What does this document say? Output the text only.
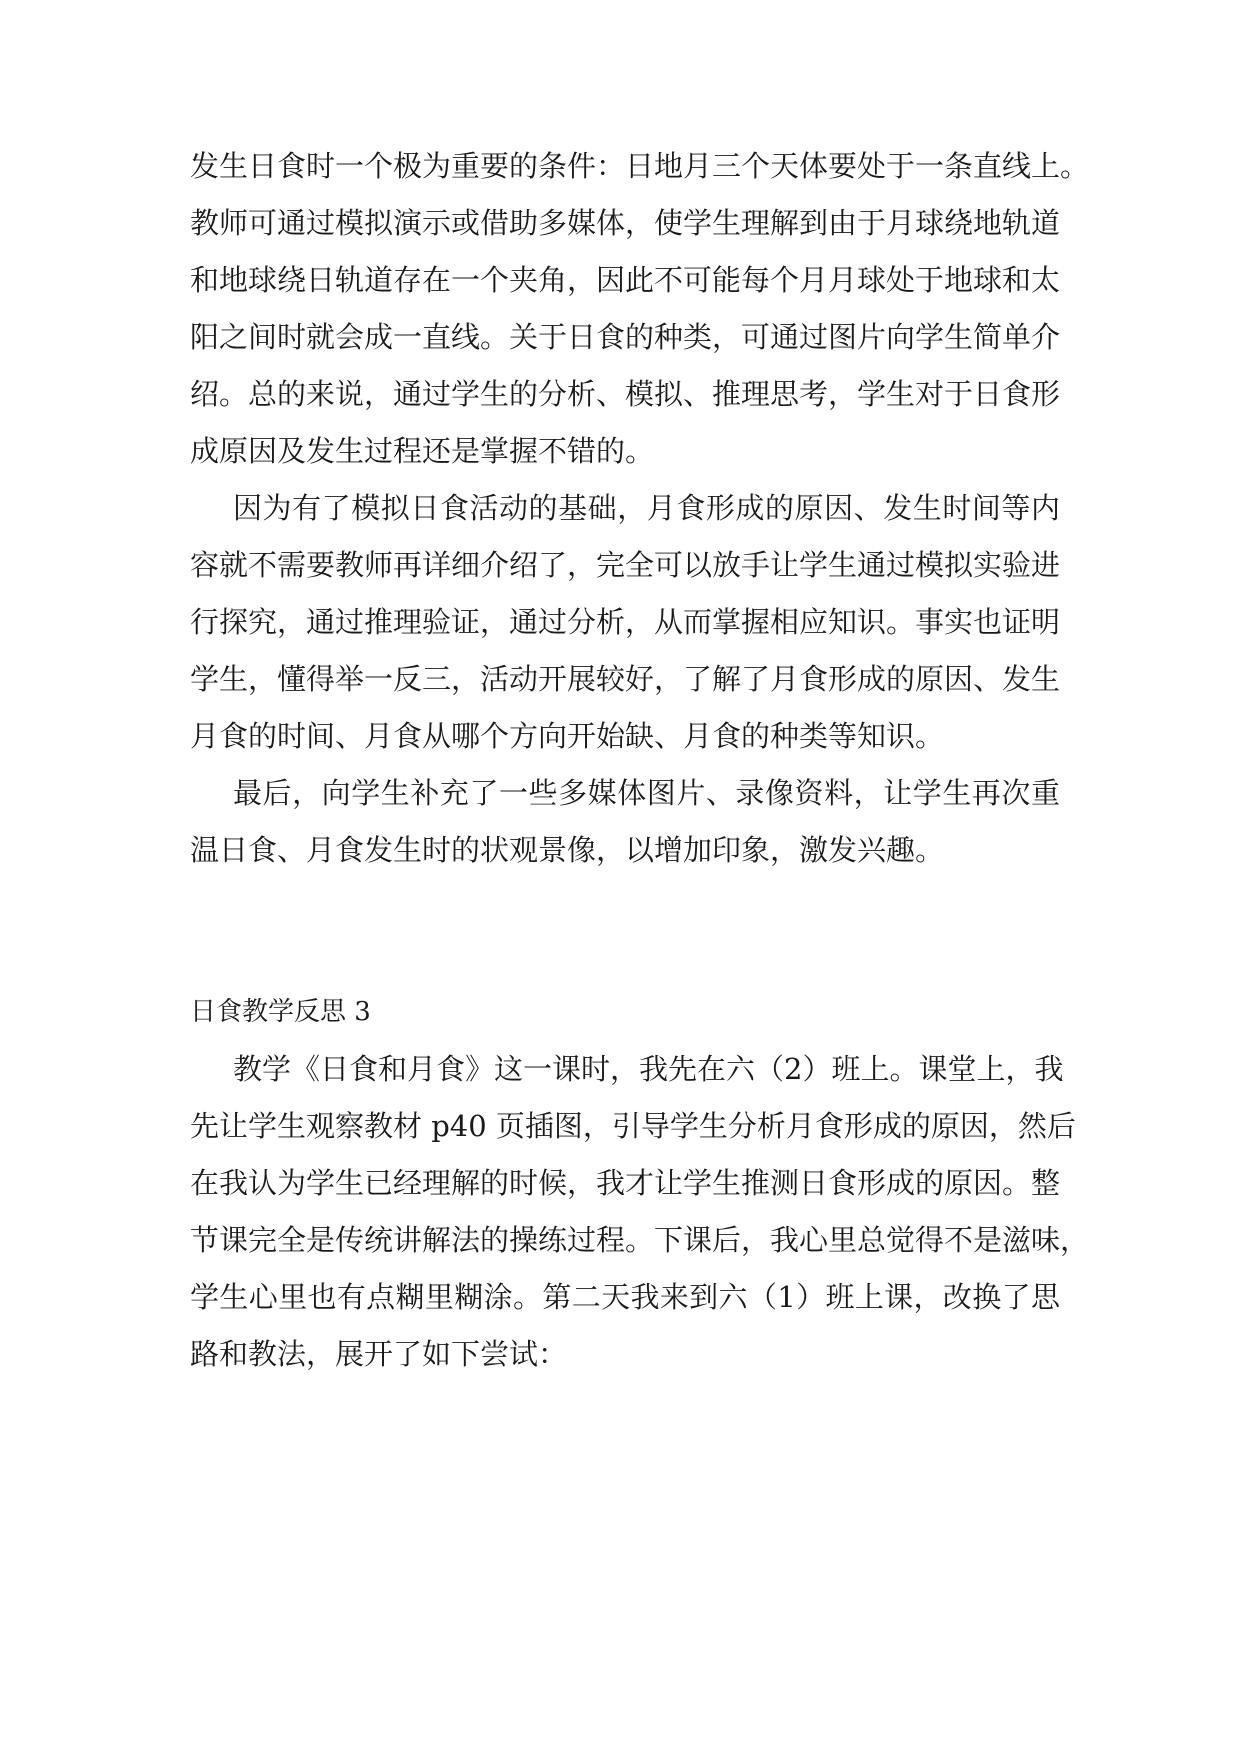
发生日食时一个极为重要的条件：日地月三个天体要处于一条直线上。
教师可通过模拟演示或借助多媒体，使学生理解到由于月球绕地轨道
和地球绕日轨道存在一个夹角，因此不可能每个月月球处于地球和太
阳之间时就会成一直线。关于日食的种类，可通过图片向学生简单介
绍。总的来说，通过学生的分析、模拟、推理思考，学生对于日食形
成原因及发生过程还是掌握不错的。
因为有了模拟日食活动的基础，月食形成的原因、发生时间等内
容就不需要教师再详细介绍了，完全可以放手让学生通过模拟实验进
行探究，通过推理验证，通过分析，从而掌握相应知识。事实也证明
学生，懂得举一反三，活动开展较好，了解了月食形成的原因、发生
月食的时间、月食从哪个方向开始缺、月食的种类等知识。
最后，向学生补充了一些多媒体图片、录像资料，让学生再次重
温日食、月食发生时的状观景像，以增加印象，激发兴趣。
日食教学反思 3
教学《日食和月食》这一课时，我先在六（2）班上。课堂上，我
先让学生观察教材 p40 页插图，引导学生分析月食形成的原因，然后
在我认为学生已经理解的时候，我才让学生推测日食形成的原因。整
节课完全是传统讲解法的操练过程。下课后，我心里总觉得不是滋味，
学生心里也有点糊里糊涂。第二天我来到六（1）班上课，改换了思
路和教法，展开了如下尝试：
